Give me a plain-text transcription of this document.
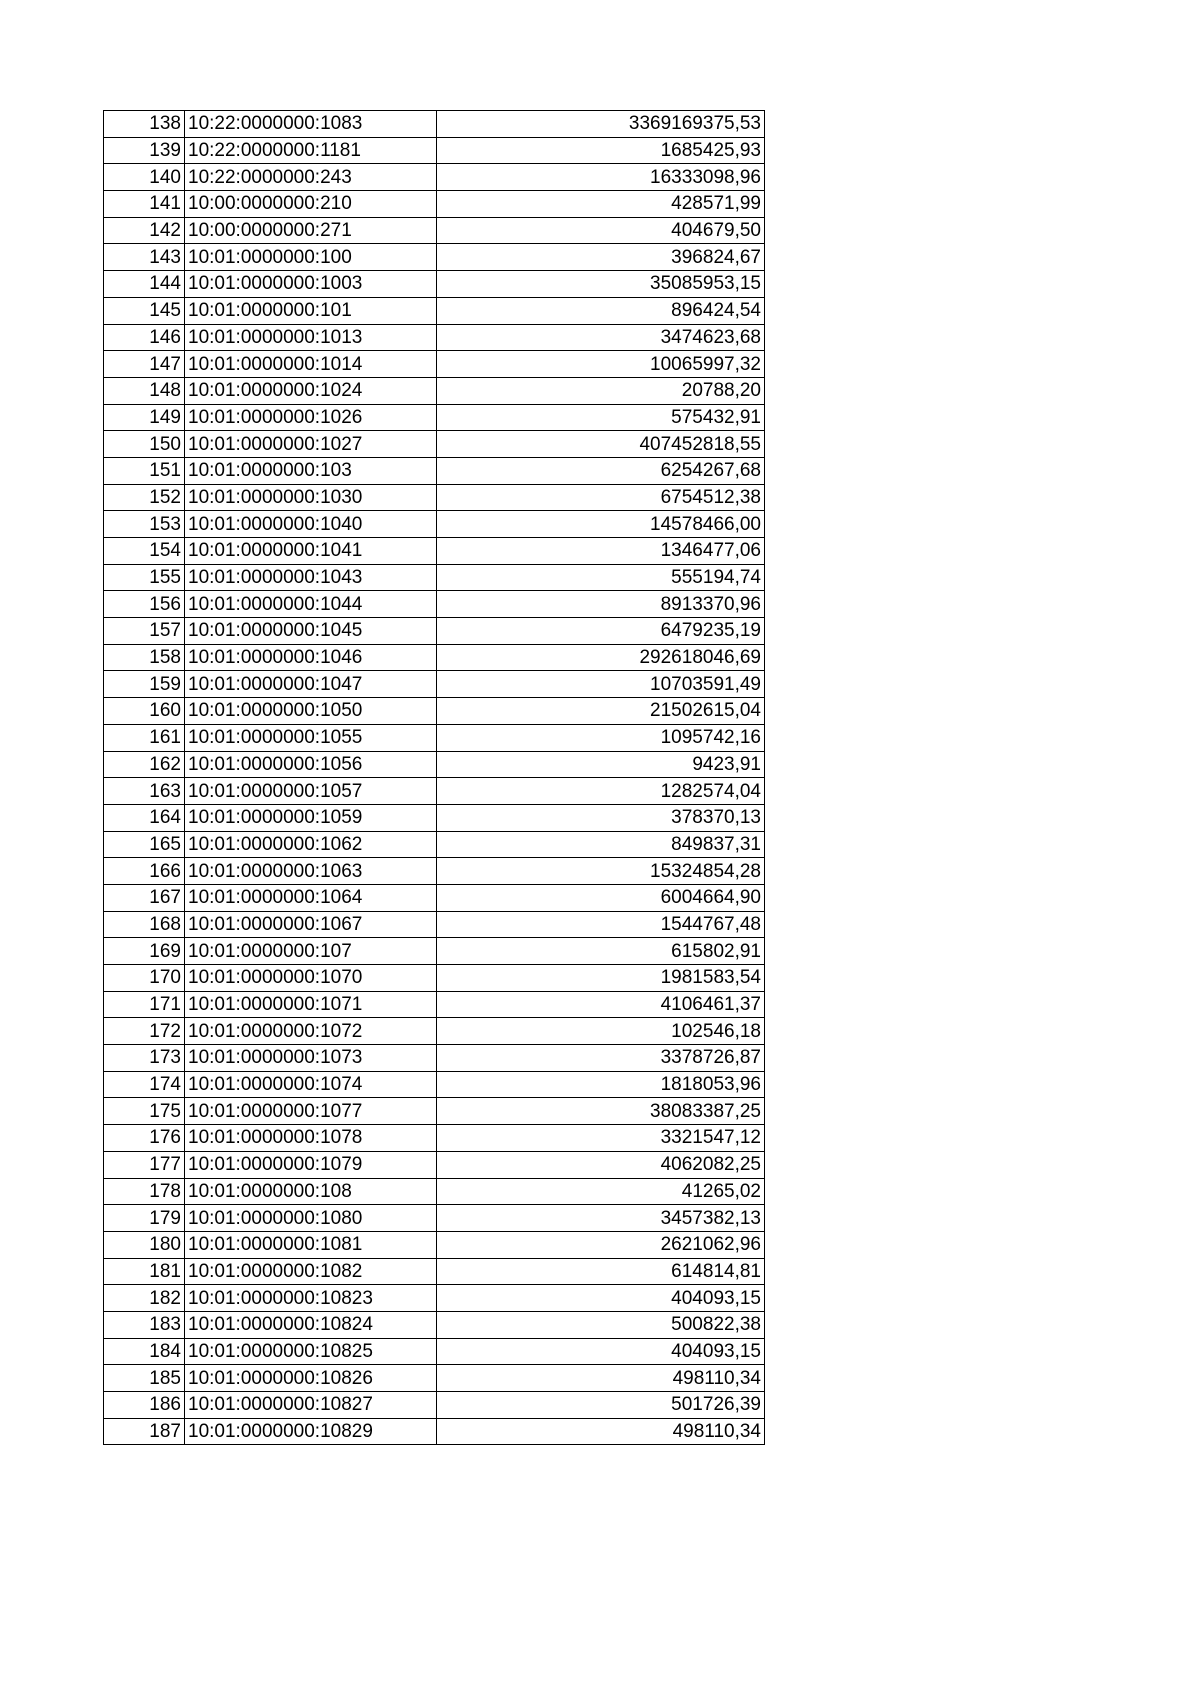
138	10:22:0000000:1083	3369169375,53
139	10:22:0000000:1181	1685425,93
140	10:22:0000000:243	16333098,96
141	10:00:0000000:210	428571,99
142	10:00:0000000:271	404679,50
143	10:01:0000000:100	396824,67
144	10:01:0000000:1003	35085953,15
145	10:01:0000000:101	896424,54
146	10:01:0000000:1013	3474623,68
147	10:01:0000000:1014	10065997,32
148	10:01:0000000:1024	20788,20
149	10:01:0000000:1026	575432,91
150	10:01:0000000:1027	407452818,55
151	10:01:0000000:103	6254267,68
152	10:01:0000000:1030	6754512,38
153	10:01:0000000:1040	14578466,00
154	10:01:0000000:1041	1346477,06
155	10:01:0000000:1043	555194,74
156	10:01:0000000:1044	8913370,96
157	10:01:0000000:1045	6479235,19
158	10:01:0000000:1046	292618046,69
159	10:01:0000000:1047	10703591,49
160	10:01:0000000:1050	21502615,04
161	10:01:0000000:1055	1095742,16
162	10:01:0000000:1056	9423,91
163	10:01:0000000:1057	1282574,04
164	10:01:0000000:1059	378370,13
165	10:01:0000000:1062	849837,31
166	10:01:0000000:1063	15324854,28
167	10:01:0000000:1064	6004664,90
168	10:01:0000000:1067	1544767,48
169	10:01:0000000:107	615802,91
170	10:01:0000000:1070	1981583,54
171	10:01:0000000:1071	4106461,37
172	10:01:0000000:1072	102546,18
173	10:01:0000000:1073	3378726,87
174	10:01:0000000:1074	1818053,96
175	10:01:0000000:1077	38083387,25
176	10:01:0000000:1078	3321547,12
177	10:01:0000000:1079	4062082,25
178	10:01:0000000:108	41265,02
179	10:01:0000000:1080	3457382,13
180	10:01:0000000:1081	2621062,96
181	10:01:0000000:1082	614814,81
182	10:01:0000000:10823	404093,15
183	10:01:0000000:10824	500822,38
184	10:01:0000000:10825	404093,15
185	10:01:0000000:10826	498110,34
186	10:01:0000000:10827	501726,39
187	10:01:0000000:10829	498110,34
